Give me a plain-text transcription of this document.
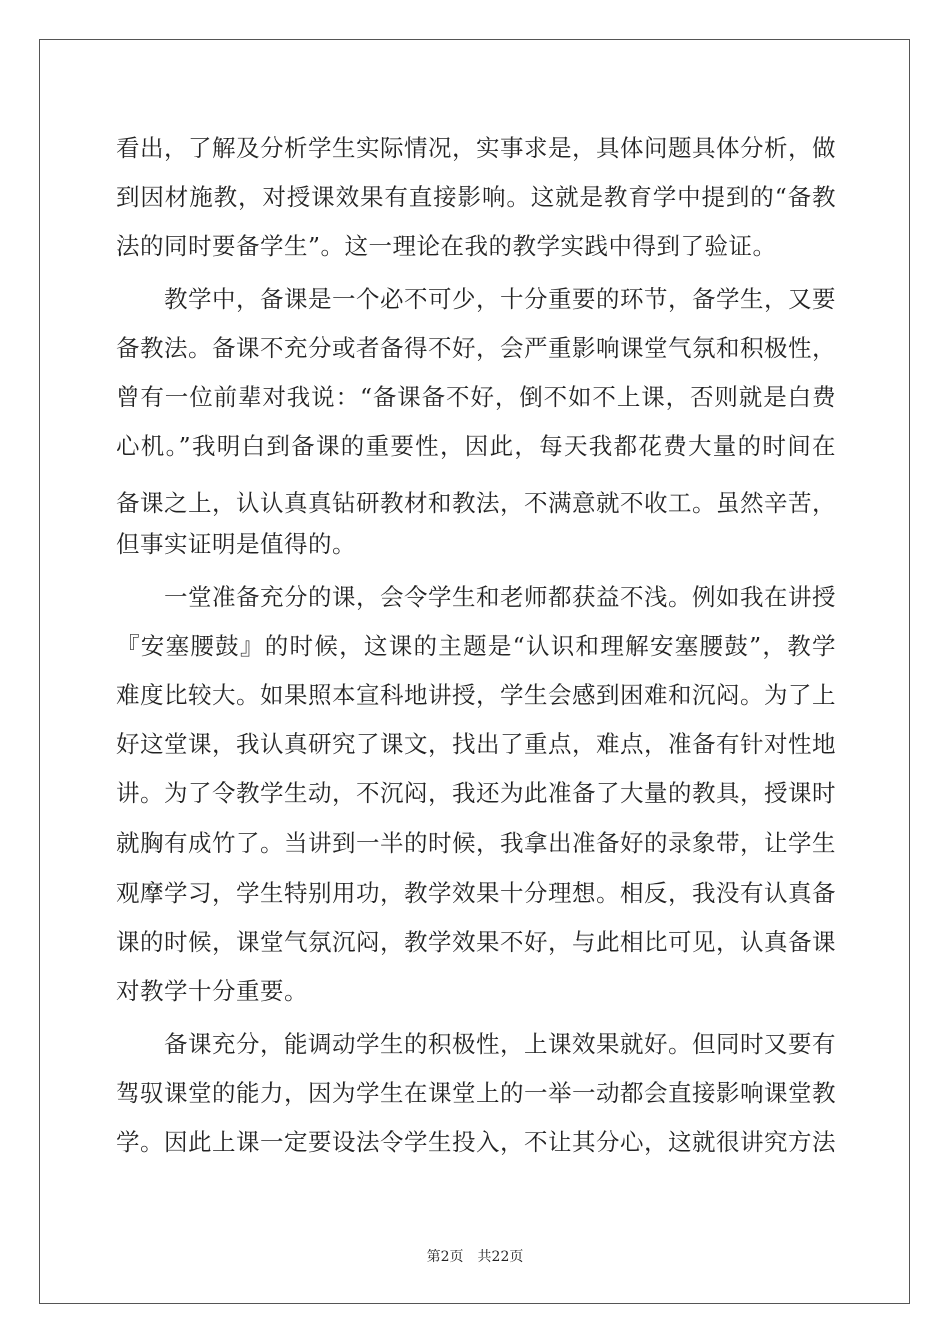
看出，了解及分析学生实际情况，实事求是，具体问题具体分析，做
到因材施教，对授课效果有直接影响。这就是教育学中提到的“备教
法的同时要备学生”。这一理论在我的教学实践中得到了验证。
　　教学中，备课是一个必不可少，十分重要的环节，备学生，又要
备教法。备课不充分或者备得不好，会严重影响课堂气氛和积极性，
曾有一位前辈对我说：“备课备不好，倒不如不上课，否则就是白费
心机。”我明白到备课的重要性，因此，每天我都花费大量的时间在
备课之上，认认真真钻研教材和教法，不满意就不收工。虽然辛苦，
但事实证明是值得的。
　　一堂准备充分的课，会令学生和老师都获益不浅。例如我在讲授
『安塞腰鼓』的时候，这课的主题是“认识和理解安塞腰鼓”，教学
难度比较大。如果照本宣科地讲授，学生会感到困难和沉闷。为了上
好这堂课，我认真研究了课文，找出了重点，难点，准备有针对性地
讲。为了令教学生动，不沉闷，我还为此准备了大量的教具，授课时
就胸有成竹了。当讲到一半的时候，我拿出准备好的录象带，让学生
观摩学习，学生特别用功，教学效果十分理想。相反，我没有认真备
课的时候，课堂气氛沉闷，教学效果不好，与此相比可见，认真备课
对教学十分重要。
　　备课充分，能调动学生的积极性，上课效果就好。但同时又要有
驾驭课堂的能力，因为学生在课堂上的一举一动都会直接影响课堂教
学。因此上课一定要设法令学生投入，不让其分心，这就很讲究方法
第2页　共22页
